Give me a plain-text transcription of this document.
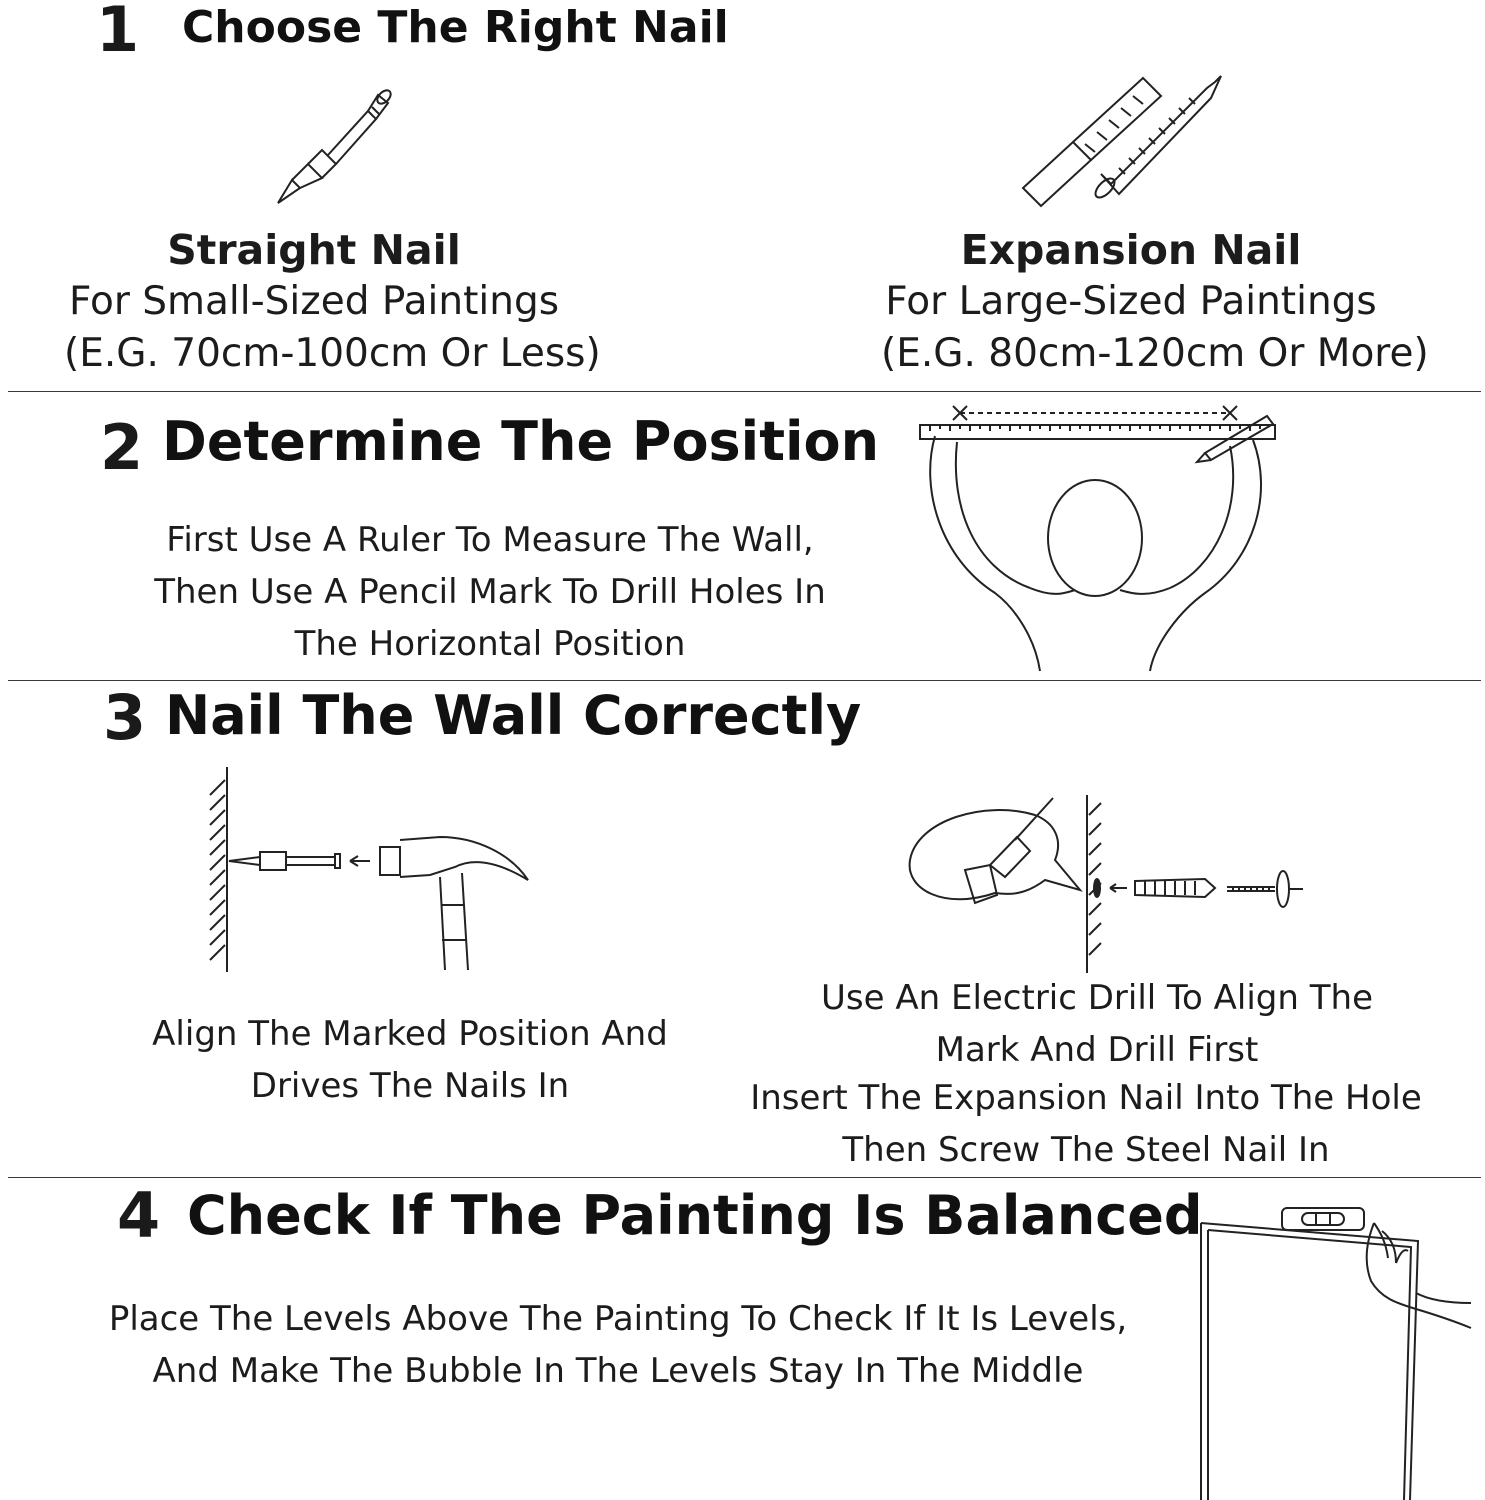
1 Choose The Right Nail
Straight Nail
For Small-Sized Paintings
(E.G. 70cm-100cm Or Less)
Expansion Nail
For Large-Sized Paintings
(E.G. 80cm-120cm Or More)
2 Determine The Position
First Use A Ruler To Measure The Wall,
Then Use A Pencil Mark To Drill Holes In
The Horizontal Position
3 Nail The Wall Correctly
Align The Marked Position And
Drives The Nails In
Use An Electric Drill To Align The
Mark And Drill First
Insert The Expansion Nail Into The Hole
Then Screw The Steel Nail In
4 Check If The Painting Is Balanced
Place The Levels Above The Painting To Check If It Is Levels,
And Make The Bubble In The Levels Stay In The Middle
